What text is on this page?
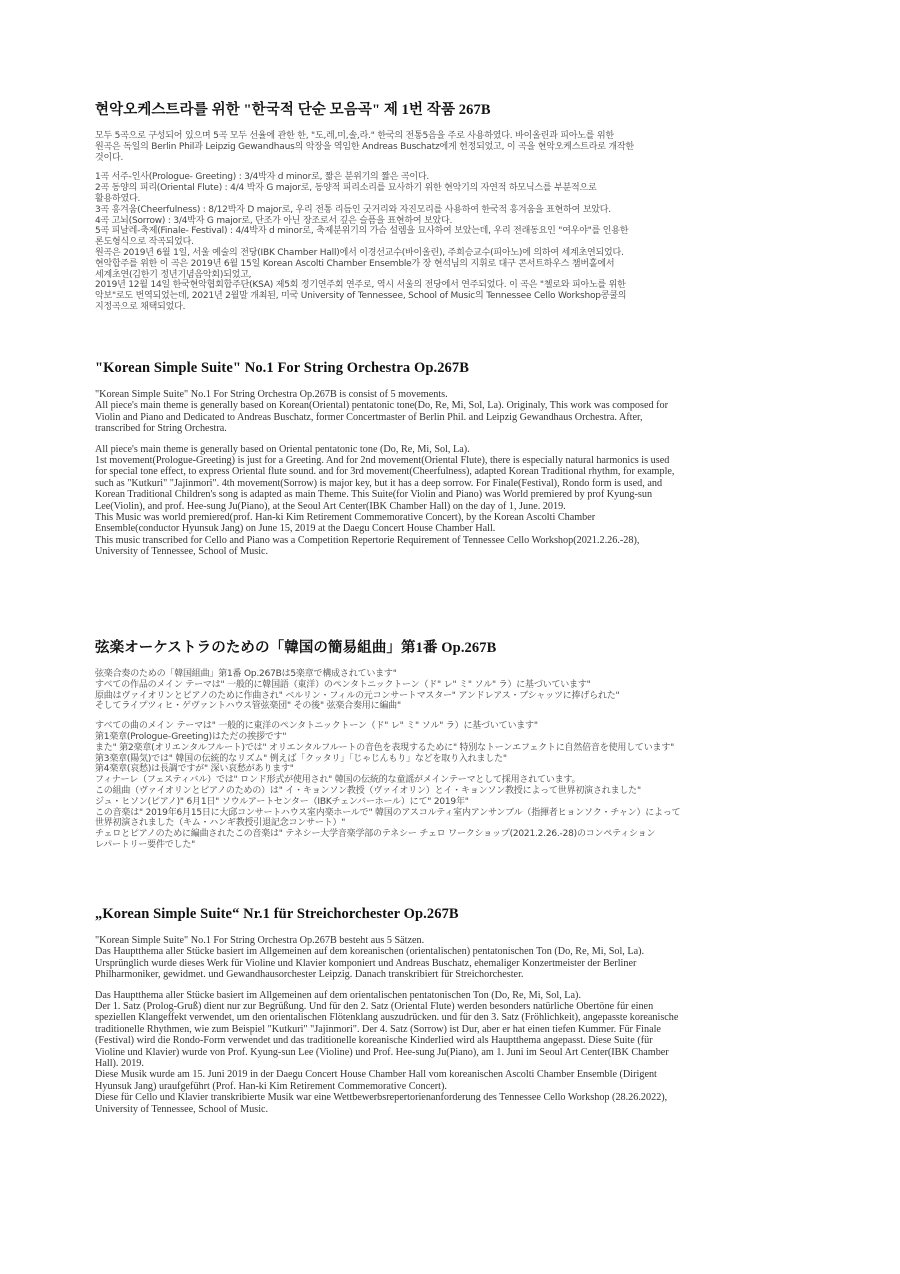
현악오케스트라를 위한 "한국적 단순 모음곡" 제 1번 작품 267B
모두 5곡으로 구성되어 있으며 5곡 모두 선율에 관한 한, "도,레,미,솔,라." 한국의 전통5음을 주로 사용하였다. 바이올린과 피아노를 위한
원곡은 독일의 Berlin Phil과 Leipzig Gewandhaus의 악장을 역임한 Andreas Buschatz에게 헌정되었고, 이 곡을 현악오케스트라로 개작한
것이다.
1곡 서주-인사(Prologue- Greeting) : 3/4박자 d minor로, 짧은 분위기의 짧은 곡이다.
2곡 동양의 피리(Oriental Flute) : 4/4 박자 G major로, 동양적 피리소리를 묘사하기 위한 현악기의 자연적 하모닉스를 부분적으로
활용하였다.
3곡 흥겨움(Cheerfulness) : 8/12박자 D major로, 우리 전통 리듬인 굿거리와 자진모리를 사용하여 한국적 흥겨움을 표현하여 보았다.
4곡 고뇌(Sorrow) : 3/4박자 G major로, 단조가 아닌 장조로서 깊은 슬픔을 표현하여 보았다.
5곡 피날레-축제(Finale- Festival) : 4/4박자 d minor로, 축제분위기의 가슴 설렘을 묘사하여 보았는데, 우리 전래동요인 "여우야"를 인용한
론도형식으로 작곡되었다.
원곡은 2019년 6월 1일, 서울 예술의 전당(IBK Chamber Hall)에서 이경선교수(바이올린), 주희승교수(피아노)에 의하여 세계초연되었다.
현악합주를 위한 이 곡은 2019년 6월 15일 Korean Ascolti Chamber Ensemble가 장 현석님의 지휘로 대구 콘서트하우스 챔버홀에서
세계초연(김한기 정년기념음악회)되었고,
2019년 12월 14일 한국현악협회합주단(KSA) 제5회 정기연주회 연주로, 역시 서울의 전당에서 연주되었다. 이 곡은 "첼로와 피아노를 위한
악보"로도 번역되었는데, 2021년 2월말 개최된, 미국 University of Tennessee, School of Music의 Tennessee Cello Workshop콩쿨의
지정곡으로 채택되었다.
"Korean Simple Suite" No.1 For String Orchestra Op.267B
"Korean Simple Suite" No.1 For String Orchestra Op.267B is consist of 5 movements.
All piece's main theme is generally based on Korean(Oriental) pentatonic tone(Do, Re, Mi, Sol, La). Originaly, This work was composed for
Violin and Piano and Dedicated to Andreas Buschatz, former Concertmaster of Berlin Phil. and Leipzig Gewandhaus Orchestra. After,
transcribed for String Orchestra.
All piece's main theme is generally based on Oriental pentatonic tone (Do, Re, Mi, Sol, La).
1st movement(Prologue-Greeting) is just for a Greeting. And for 2nd movement(Oriental Flute), there is especially natural harmonics is used
for special tone effect, to express Oriental flute sound. and for 3rd movement(Cheerfulness), adapted Korean Traditional rhythm, for example,
such as "Kutkuri" "Jajinmori". 4th movement(Sorrow) is major key, but it has a deep sorrow. For Finale(Festival), Rondo form is used, and
Korean Traditional Children's song is adapted as main Theme. This Suite(for Violin and Piano) was World premiered by prof Kyung-sun
Lee(Violin), and prof. Hee-sung Ju(Piano), at the Seoul Art Center(IBK Chamber Hall) on the day of 1, June. 2019.
This Music was world premiered(prof. Han-ki Kim Retirement Commemorative Concert), by the Korean Ascolti Chamber
Ensemble(conductor Hyunsuk Jang) on June 15, 2019 at the Daegu Concert House Chamber Hall.
This music transcribed for Cello and Piano was a Competition Repertorie Requirement of Tennessee Cello Workshop(2021.2.26.-28),
University of Tennessee, School of Music.
弦楽オーケストラのための「韓国の簡易組曲」第1番 Op.267B
弦楽合奏のための「韓国組曲」第1番 Op.267Bは5楽章で構成されています"
すべての作品のメイン テーマは" 一般的に韓国語（東洋）のペンタトニックトーン（ド" レ" ミ" ソル" ラ）に基づいています"
原曲はヴァイオリンとピアノのために作曲され" ベルリン・フィルの元コンサートマスター" アンドレアス・ブシャッツに捧げられた"
そしてライプツィヒ・ゲヴァントハウス管弦楽団" その後" 弦楽合奏用に編曲"
すべての曲のメイン テーマは" 一般的に東洋のペンタトニックトーン（ド" レ" ミ" ソル" ラ）に基づいています"
第1楽章(Prologue-Greeting)はただの挨拶です"
また" 第2楽章(オリエンタルフルート)では" オリエンタルフルートの音色を表現するために" 特別なトーンエフェクトに自然倍音を使用しています"
第3楽章(陽気)では" 韓国の伝統的なリズム" 例えば「クッタリ」「じゃじんもり」などを取り入れました"
第4楽章(哀愁)は長調ですが" 深い哀愁があります"
フィナーレ（フェスティバル）では" ロンド形式が使用され" 韓国の伝統的な童謡がメインテーマとして採用されています。
この組曲（ヴァイオリンとピアノのための）は" イ・キョンソン教授（ヴァイオリン）とイ・キョンソン教授によって世界初演されました"
ジュ・ヒソン(ピアノ)" 6月1日" ソウルアートセンター（IBKチェンバーホール）にて" 2019年"
この音楽は" 2019年6月15日に大邱コンサートハウス室内楽ホールで" 韓国のアスコルティ室内アンサンブル（指揮者ヒョンソク・チャン）によって
世界初演されました（キム・ハンギ教授引退記念コンサート）"
チェロとピアノのために編曲されたこの音楽は" テネシー大学音楽学部のテネシー チェロ ワークショップ(2021.2.26.-28)のコンペティション
レパートリー要件でした"
„Korean Simple Suite“ Nr.1 für Streichorchester Op.267B
"Korean Simple Suite" No.1 For String Orchestra Op.267B besteht aus 5 Sätzen.
Das Hauptthema aller Stücke basiert im Allgemeinen auf dem koreanischen (orientalischen) pentatonischen Ton (Do, Re, Mi, Sol, La).
Ursprünglich wurde dieses Werk für Violine und Klavier komponiert und Andreas Buschatz, ehemaliger Konzertmeister der Berliner
Philharmoniker, gewidmet. und Gewandhausorchester Leipzig. Danach transkribiert für Streichorchester.
Das Hauptthema aller Stücke basiert im Allgemeinen auf dem orientalischen pentatonischen Ton (Do, Re, Mi, Sol, La).
Der 1. Satz (Prolog-Gruß) dient nur zur Begrüßung. Und für den 2. Satz (Oriental Flute) werden besonders natürliche Obertöne für einen
speziellen Klangeffekt verwendet, um den orientalischen Flötenklang auszudrücken. und für den 3. Satz (Fröhlichkeit), angepasste koreanische
traditionelle Rhythmen, wie zum Beispiel "Kutkuri" "Jajinmori". Der 4. Satz (Sorrow) ist Dur, aber er hat einen tiefen Kummer. Für Finale
(Festival) wird die Rondo-Form verwendet und das traditionelle koreanische Kinderlied wird als Hauptthema angepasst. Diese Suite (für
Violine und Klavier) wurde von Prof. Kyung-sun Lee (Violine) und Prof. Hee-sung Ju(Piano), am 1. Juni im Seoul Art Center(IBK Chamber
Hall). 2019.
Diese Musik wurde am 15. Juni 2019 in der Daegu Concert House Chamber Hall vom koreanischen Ascolti Chamber Ensemble (Dirigent
Hyunsuk Jang) uraufgeführt (Prof. Han-ki Kim Retirement Commemorative Concert).
Diese für Cello und Klavier transkribierte Musik war eine Wettbewerbsrepertorienanforderung des Tennessee Cello Workshop (28.26.2022),
University of Tennessee, School of Music.
